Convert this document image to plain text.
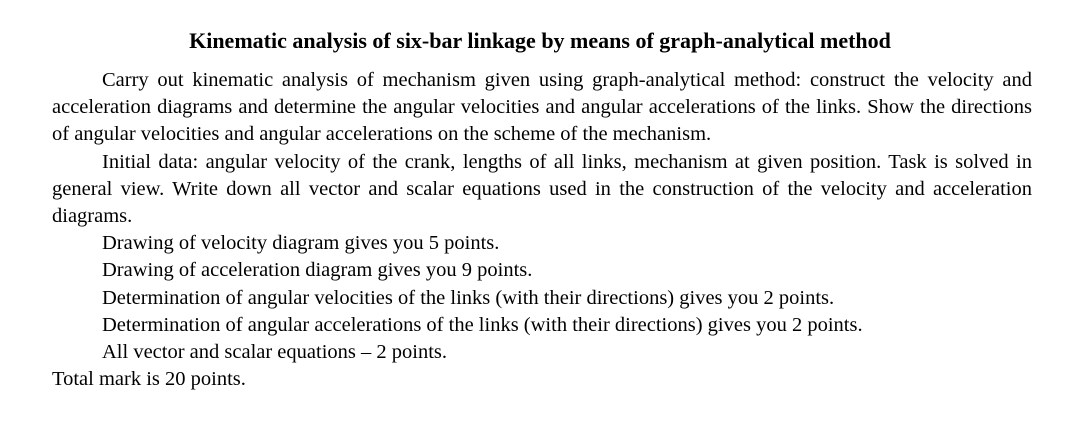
Kinematic analysis of six-bar linkage by means of graph-analytical method

Carry out kinematic analysis of mechanism given using graph-analytical method: construct the velocity and acceleration diagrams and determine the angular velocities and angular accelerations of the links. Show the directions of angular velocities and angular accelerations on the scheme of the mechanism.

Initial data: angular velocity of the crank, lengths of all links, mechanism at given position. Task is solved in general view. Write down all vector and scalar equations used in the construction of the velocity and acceleration diagrams.

Drawing of velocity diagram gives you 5 points.

Drawing of acceleration diagram gives you 9 points.

Determination of angular velocities of the links (with their directions) gives you 2 points.

Determination of angular accelerations of the links (with their directions) gives you 2 points.

All vector and scalar equations – 2 points.

Total mark is 20 points.
